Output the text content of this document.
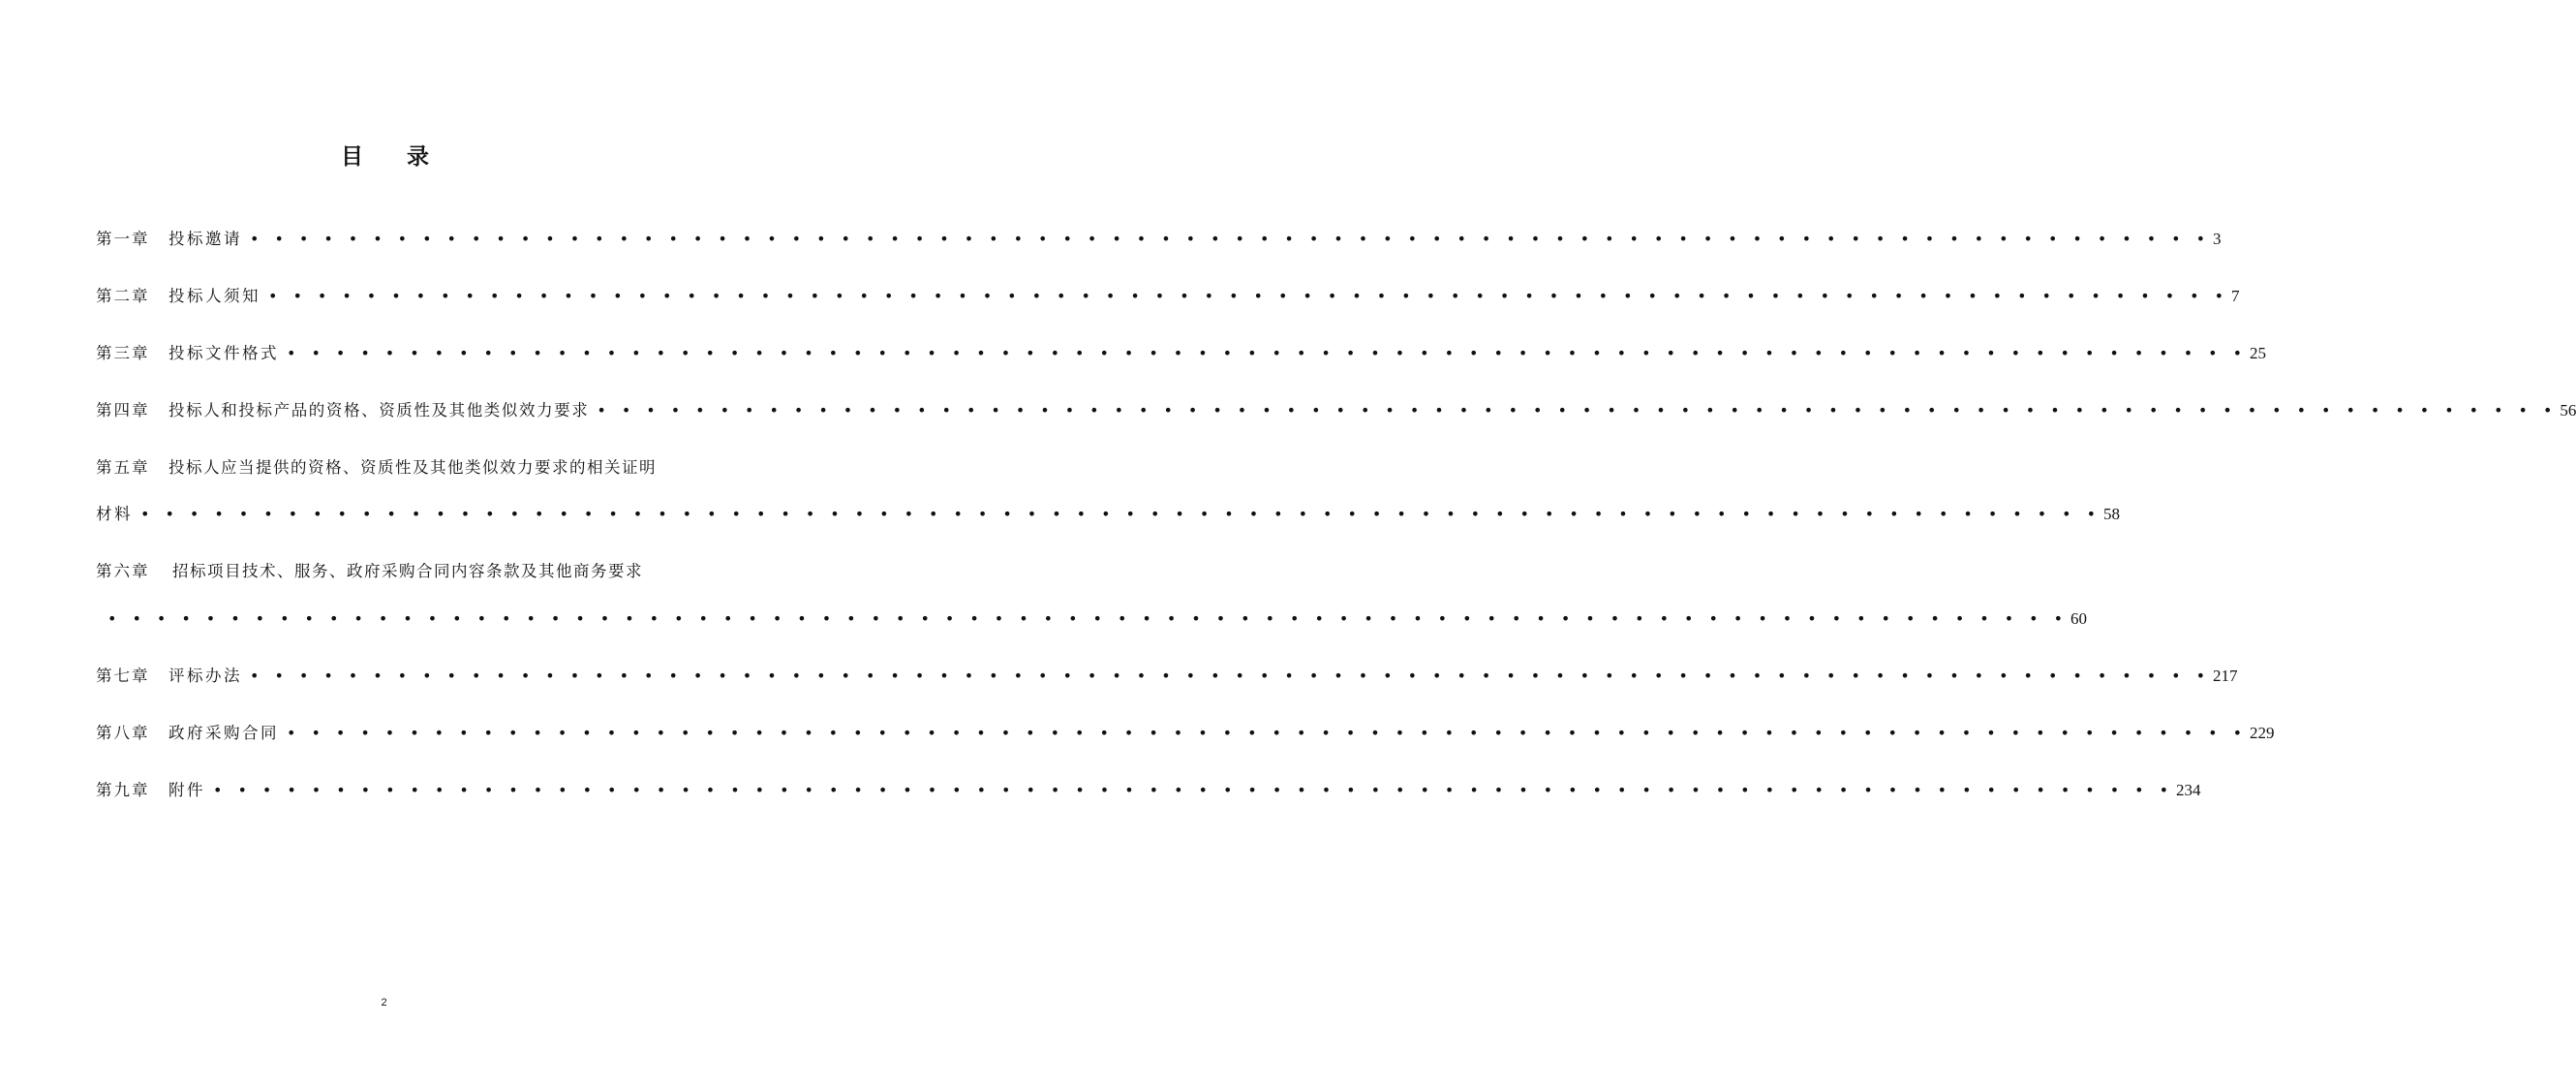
目 录
第一章	投标邀请 •  •  •  •  •  •  •  •  •  •  •  •  •  •  •  •  •  •  •  •  •  •  •  •  •  •  •  •  •  •  •  •  •  •  •  •  •  •  •  •  •  •  •  •  •  •  •  •  •  •  •  •  •  •  •  •  •  •  •  •  •  •  •  •  •  •  •  •  •  •  •  •  •  •  •  •  •  •  •  • 3
第二章	投标人须知 •  •  •  •  •  •  •  •  •  •  •  •  •  •  •  •  •  •  •  •  •  •  •  •  •  •  •  •  •  •  •  •  •  •  •  •  •  •  •  •  •  •  •  •  •  •  •  •  •  •  •  •  •  •  •  •  •  •  •  •  •  •  •  •  •  •  •  •  •  •  •  •  •  •  •  •  •  •  •  • 7
第三章	投标文件格式 •  •  •  •  •  •  •  •  •  •  •  •  •  •  •  •  •  •  •  •  •  •  •  •  •  •  •  •  •  •  •  •  •  •  •  •  •  •  •  •  •  •  •  •  •  •  •  •  •  •  •  •  •  •  •  •  •  •  •  •  •  •  •  •  •  •  •  •  •  •  •  •  •  •  •  •  •  •  •  • 25
第四章	投标人和投标产品的资格、资质性及其他类似效力要求 •  •  •  •  •  •  •  •  •  •  •  •  •  •  •  •  •  •  •  •  •  •  •  •  •  •  •  •  •  •  •  •  •  •  •  •  •  •  •  •  •  •  •  •  •  •  •  •  •  •  •  •  •  •  •  •  •  •  •  •  •  •  •  •  •  •  •  •  •  •  •  •  •  •  •  •  •  •  •  • 56
第五章	投标人应当提供的资格、资质性及其他类似效力要求的相关证明
材料 •  •  •  •  •  •  •  •  •  •  •  •  •  •  •  •  •  •  •  •  •  •  •  •  •  •  •  •  •  •  •  •  •  •  •  •  •  •  •  •  •  •  •  •  •  •  •  •  •  •  •  •  •  •  •  •  •  •  •  •  •  •  •  •  •  •  •  •  •  •  •  •  •  •  •  •  •  •  •  • 58
第六章	招标项目技术、服务、政府采购合同内容条款及其他商务要求
•  •  •  •  •  •  •  •  •  •  •  •  •  •  •  •  •  •  •  •  •  •  •  •  •  •  •  •  •  •  •  •  •  •  •  •  •  •  •  •  •  •  •  •  •  •  •  •  •  •  •  •  •  •  •  •  •  •  •  •  •  •  •  •  •  •  •  •  •  •  •  •  •  •  •  •  •  •  •  • 60
第七章	评标办法 •  •  •  •  •  •  •  •  •  •  •  •  •  •  •  •  •  •  •  •  •  •  •  •  •  •  •  •  •  •  •  •  •  •  •  •  •  •  •  •  •  •  •  •  •  •  •  •  •  •  •  •  •  •  •  •  •  •  •  •  •  •  •  •  •  •  •  •  •  •  •  •  •  •  •  •  •  •  •  • 217
第八章	政府采购合同 •  •  •  •  •  •  •  •  •  •  •  •  •  •  •  •  •  •  •  •  •  •  •  •  •  •  •  •  •  •  •  •  •  •  •  •  •  •  •  •  •  •  •  •  •  •  •  •  •  •  •  •  •  •  •  •  •  •  •  •  •  •  •  •  •  •  •  •  •  •  •  •  •  •  •  •  •  •  •  • 229
第九章	附件 •  •  •  •  •  •  •  •  •  •  •  •  •  •  •  •  •  •  •  •  •  •  •  •  •  •  •  •  •  •  •  •  •  •  •  •  •  •  •  •  •  •  •  •  •  •  •  •  •  •  •  •  •  •  •  •  •  •  •  •  •  •  •  •  •  •  •  •  •  •  •  •  •  •  •  •  •  •  •  • 234
2
